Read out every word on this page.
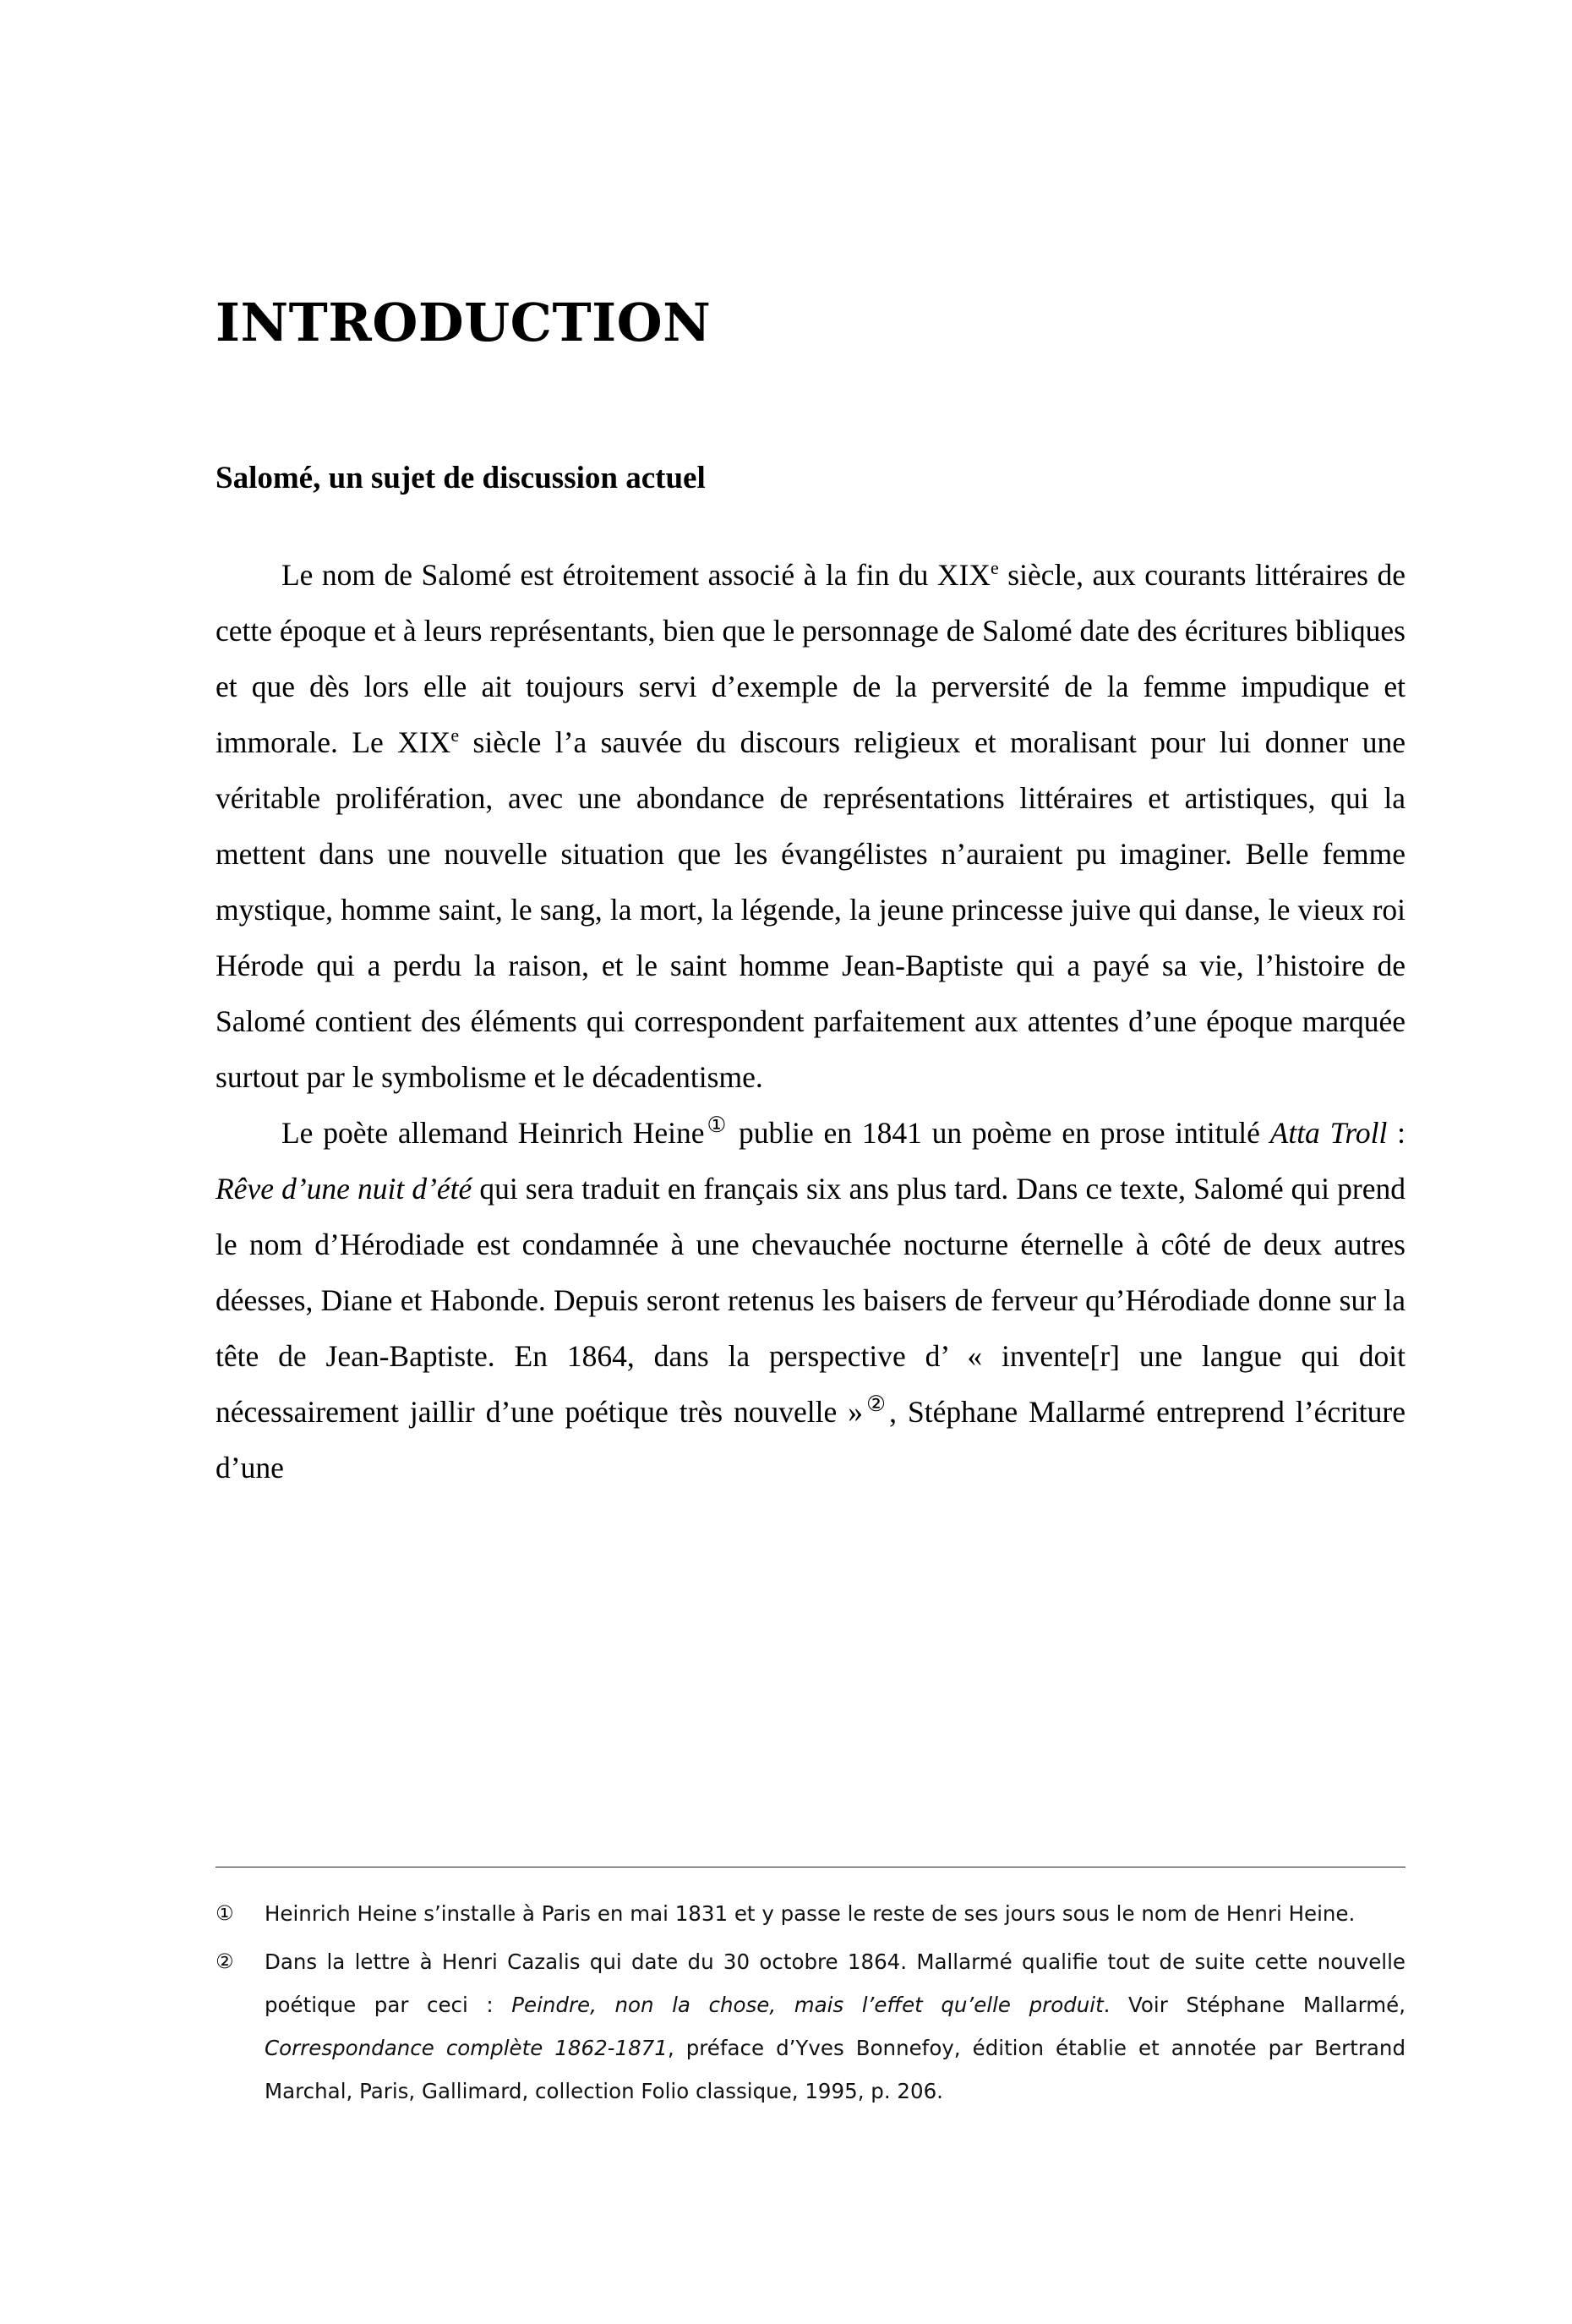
INTRODUCTION
Salomé, un sujet de discussion actuel

Le nom de Salomé est étroitement associé à la fin du XIXe siècle, aux courants littéraires de cette époque et à leurs représentants, bien que le personnage de Salomé date des écritures bibliques et que dès lors elle ait toujours servi d’exemple de la perversité de la femme impudique et immorale. Le XIXe siècle l’a sauvée du discours religieux et moralisant pour lui donner une véritable prolifération, avec une abondance de représentations littéraires et artistiques, qui la mettent dans une nouvelle situation que les évangélistes n’auraient pu imaginer. Belle femme mystique, homme saint, le sang, la mort, la légende, la jeune princesse juive qui danse, le vieux roi Hérode qui a perdu la raison, et le saint homme Jean-Baptiste qui a payé sa vie, l’histoire de Salomé contient des éléments qui correspondent parfaitement aux attentes d’une époque marquée surtout par le symbolisme et le décadentisme.

Le poète allemand Heinrich Heine① publie en 1841 un poème en prose intitulé Atta Troll : Rêve d’une nuit d’été qui sera traduit en français six ans plus tard. Dans ce texte, Salomé qui prend le nom d’Hérodiade est condamnée à une chevauchée nocturne éternelle à côté de deux autres déesses, Diane et Habonde. Depuis seront retenus les baisers de ferveur qu’Hérodiade donne sur la tête de Jean-Baptiste. En 1864, dans la perspective d’ « invente[r] une langue qui doit nécessairement jaillir d’une poétique très nouvelle »②, Stéphane Mallarmé entreprend l’écriture d’une

①	Heinrich Heine s’installe à Paris en mai 1831 et y passe le reste de ses jours sous le nom de Henri Heine.
②	Dans la lettre à Henri Cazalis qui date du 30 octobre 1864. Mallarmé qualifie tout de suite cette nouvelle poétique par ceci : Peindre, non la chose, mais l’effet qu’elle produit. Voir Stéphane Mallarmé, Correspondance complète 1862-1871, préface d’Yves Bonnefoy, édition établie et annotée par Bertrand Marchal, Paris, Gallimard, collection Folio classique, 1995, p. 206.
